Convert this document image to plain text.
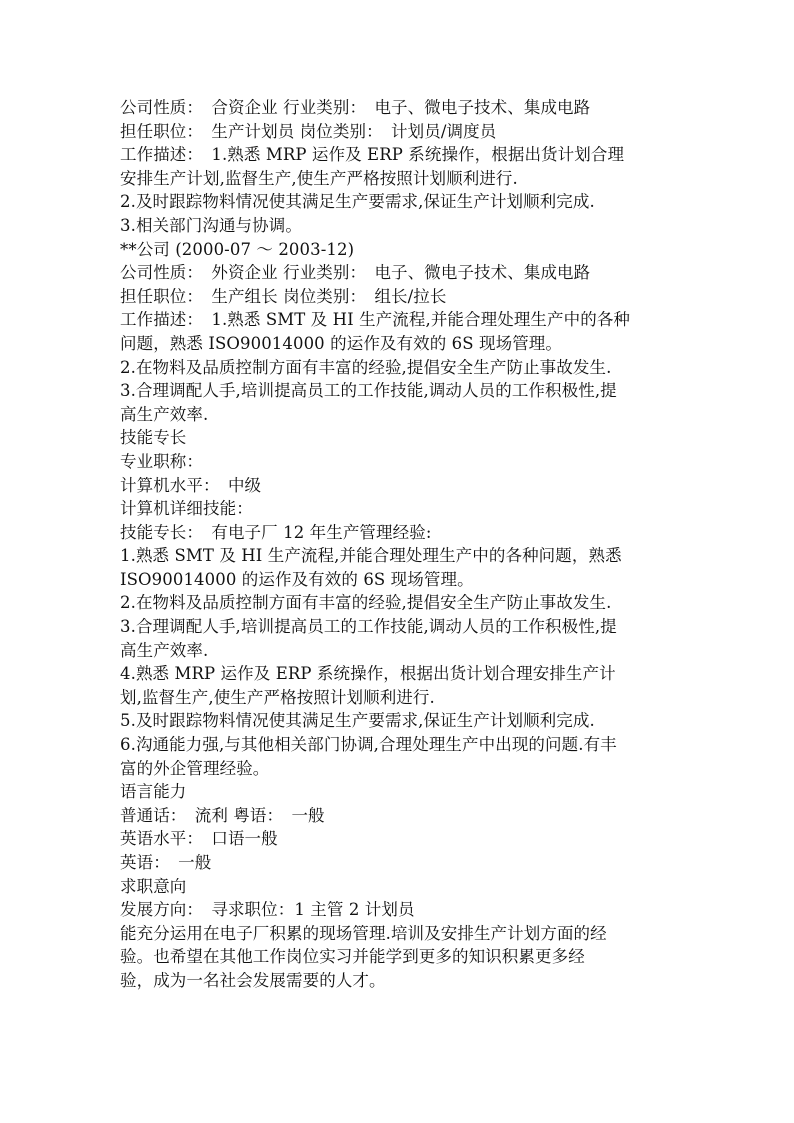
公司性质：　合资企业 行业类别：　电子、微电子技术、集成电路
担任职位：　生产计划员 岗位类别：　计划员/调度员
工作描述：　1.熟悉 MRP 运作及 ERP 系统操作，根据出货计划合理
安排生产计划,监督生产,使生产严格按照计划顺利进行.
2.及时跟踪物料情况使其满足生产要需求,保证生产计划顺利完成.
3.相关部门沟通与协调。
**公司 (2000-07 ～ 2003-12)
公司性质：　外资企业 行业类别：　电子、微电子技术、集成电路
担任职位：　生产组长 岗位类别：　组长/拉长
工作描述：　1.熟悉 SMT 及 HI 生产流程,并能合理处理生产中的各种
问题，熟悉 ISO90014000 的运作及有效的 6S 现场管理。
2.在物料及品质控制方面有丰富的经验,提倡安全生产防止事故发生.
3.合理调配人手,培训提高员工的工作技能,调动人员的工作积极性,提
高生产效率.
技能专长
专业职称：
计算机水平：　中级
计算机详细技能：
技能专长：　有电子厂 12 年生产管理经验:
1.熟悉 SMT 及 HI 生产流程,并能合理处理生产中的各种问题，熟悉
ISO90014000 的运作及有效的 6S 现场管理。
2.在物料及品质控制方面有丰富的经验,提倡安全生产防止事故发生.
3.合理调配人手,培训提高员工的工作技能,调动人员的工作积极性,提
高生产效率.
4.熟悉 MRP 运作及 ERP 系统操作，根据出货计划合理安排生产计
划,监督生产,使生产严格按照计划顺利进行.
5.及时跟踪物料情况使其满足生产要需求,保证生产计划顺利完成.
6.沟通能力强,与其他相关部门协调,合理处理生产中出现的问题.有丰
富的外企管理经验。
语言能力
普通话：　流利 粤语：　一般
英语水平：　口语一般
英语：　一般
求职意向
发展方向：　寻求职位：1 主管 2 计划员
能充分运用在电子厂积累的现场管理.培训及安排生产计划方面的经
验。也希望在其他工作岗位实习并能学到更多的知识积累更多经
验，成为一名社会发展需要的人才。
